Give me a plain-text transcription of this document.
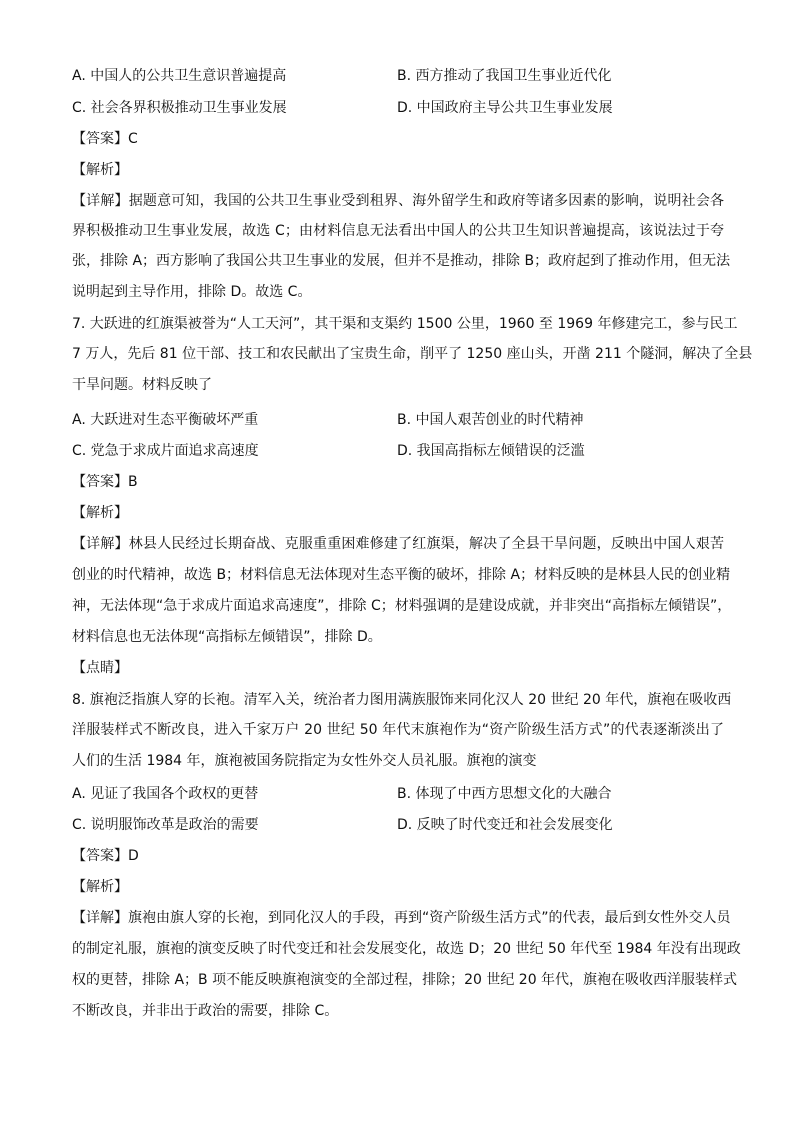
A. 中国人的公共卫生意识普遍提高	B. 西方推动了我国卫生事业近代化
C. 社会各界积极推动卫生事业发展	D. 中国政府主导公共卫生事业发展
【答案】C
【解析】
【详解】据题意可知，我国的公共卫生事业受到租界、海外留学生和政府等诸多因素的影响，说明社会各
界积极推动卫生事业发展，故选 C；由材料信息无法看出中国人的公共卫生知识普遍提高，该说法过于夸
张，排除 A；西方影响了我国公共卫生事业的发展，但并不是推动，排除 B；政府起到了推动作用，但无法
说明起到主导作用，排除 D。故选 C。
7. 大跃进的红旗渠被誉为“人工天河”，其干渠和支渠约 1500 公里，1960 至 1969 年修建完工，参与民工
7 万人，先后 81 位干部、技工和农民献出了宝贵生命，削平了 1250 座山头，开凿 211 个隧洞，解决了全县
干旱问题。材料反映了
A. 大跃进对生态平衡破坏严重	B. 中国人艰苦创业的时代精神
C. 党急于求成片面追求高速度	D. 我国高指标左倾错误的泛滥
【答案】B
【解析】
【详解】林县人民经过长期奋战、克服重重困难修建了红旗渠，解决了全县干旱问题，反映出中国人艰苦
创业的时代精神，故选 B；材料信息无法体现对生态平衡的破坏，排除 A；材料反映的是林县人民的创业精
神，无法体现“急于求成片面追求高速度”，排除 C；材料强调的是建设成就，并非突出“高指标左倾错误”，
材料信息也无法体现“高指标左倾错误”，排除 D。
【点睛】
8. 旗袍泛指旗人穿的长袍。清军入关，统治者力图用满族服饰来同化汉人 20 世纪 20 年代，旗袍在吸收西
洋服装样式不断改良，进入千家万户 20 世纪 50 年代末旗袍作为“资产阶级生活方式”的代表逐渐淡出了
人们的生活 1984 年，旗袍被国务院指定为女性外交人员礼服。旗袍的演变
A. 见证了我国各个政权的更替	B. 体现了中西方思想文化的大融合
C. 说明服饰改革是政治的需要	D. 反映了时代变迁和社会发展变化
【答案】D
【解析】
【详解】旗袍由旗人穿的长袍，到同化汉人的手段，再到“资产阶级生活方式”的代表，最后到女性外交人员
的制定礼服，旗袍的演变反映了时代变迁和社会发展变化，故选 D；20 世纪 50 年代至 1984 年没有出现政
权的更替，排除 A；B 项不能反映旗袍演变的全部过程，排除；20 世纪 20 年代，旗袍在吸收西洋服装样式
不断改良，并非出于政治的需要，排除 C。
